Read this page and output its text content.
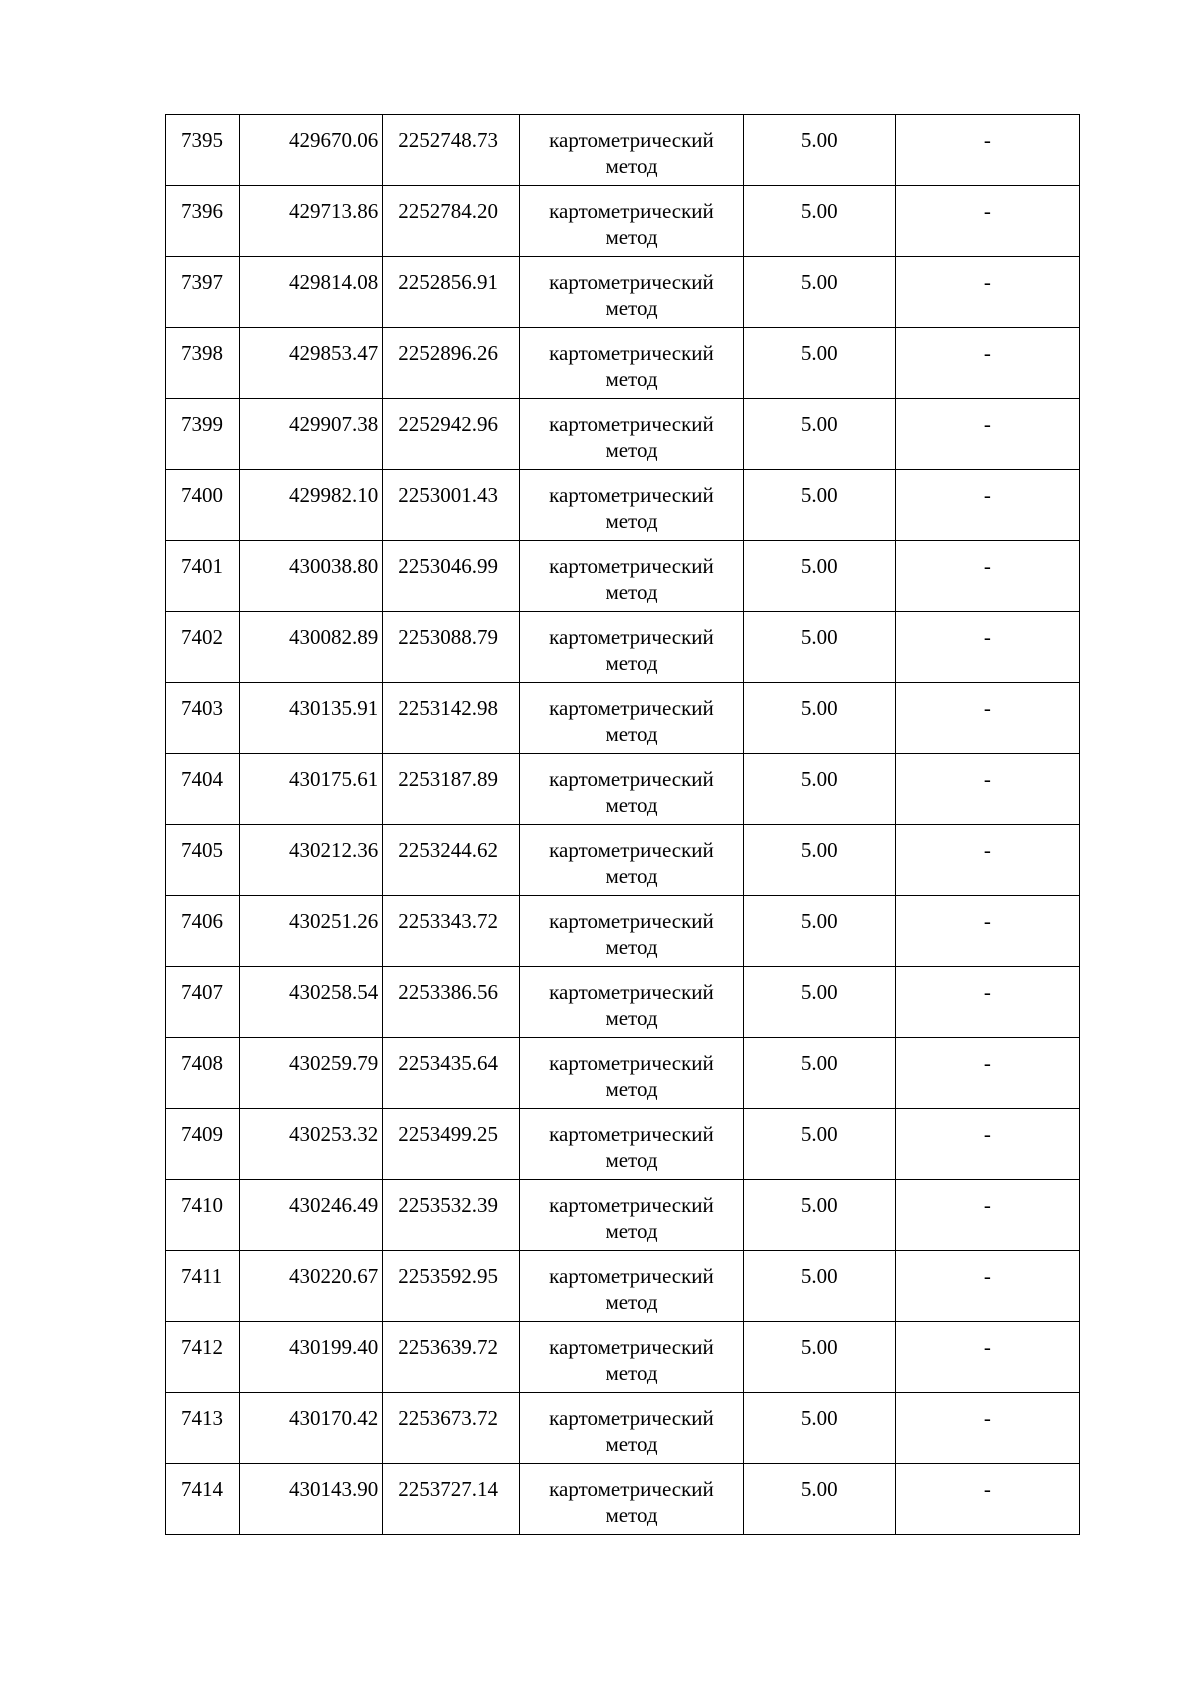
7395	429670.06	2252748.73	картометрический
метод	5.00	-

7396	429713.86	2252784.20	картометрический
метод	5.00	-

7397	429814.08	2252856.91	картометрический
метод	5.00	-

7398	429853.47	2252896.26	картометрический
метод	5.00	-

7399	429907.38	2252942.96	картометрический
метод	5.00	-

7400	429982.10	2253001.43	картометрический
метод	5.00	-

7401	430038.80	2253046.99	картометрический
метод	5.00	-

7402	430082.89	2253088.79	картометрический
метод	5.00	-

7403	430135.91	2253142.98	картометрический
метод	5.00	-

7404	430175.61	2253187.89	картометрический
метод	5.00	-

7405	430212.36	2253244.62	картометрический
метод	5.00	-

7406	430251.26	2253343.72	картометрический
метод	5.00	-

7407	430258.54	2253386.56	картометрический
метод	5.00	-

7408	430259.79	2253435.64	картометрический
метод	5.00	-

7409	430253.32	2253499.25	картометрический
метод	5.00	-

7410	430246.49	2253532.39	картометрический
метод	5.00	-

7411	430220.67	2253592.95	картометрический
метод	5.00	-

7412	430199.40	2253639.72	картометрический
метод	5.00	-

7413	430170.42	2253673.72	картометрический
метод	5.00	-

7414	430143.90	2253727.14	картометрический
метод	5.00	-
